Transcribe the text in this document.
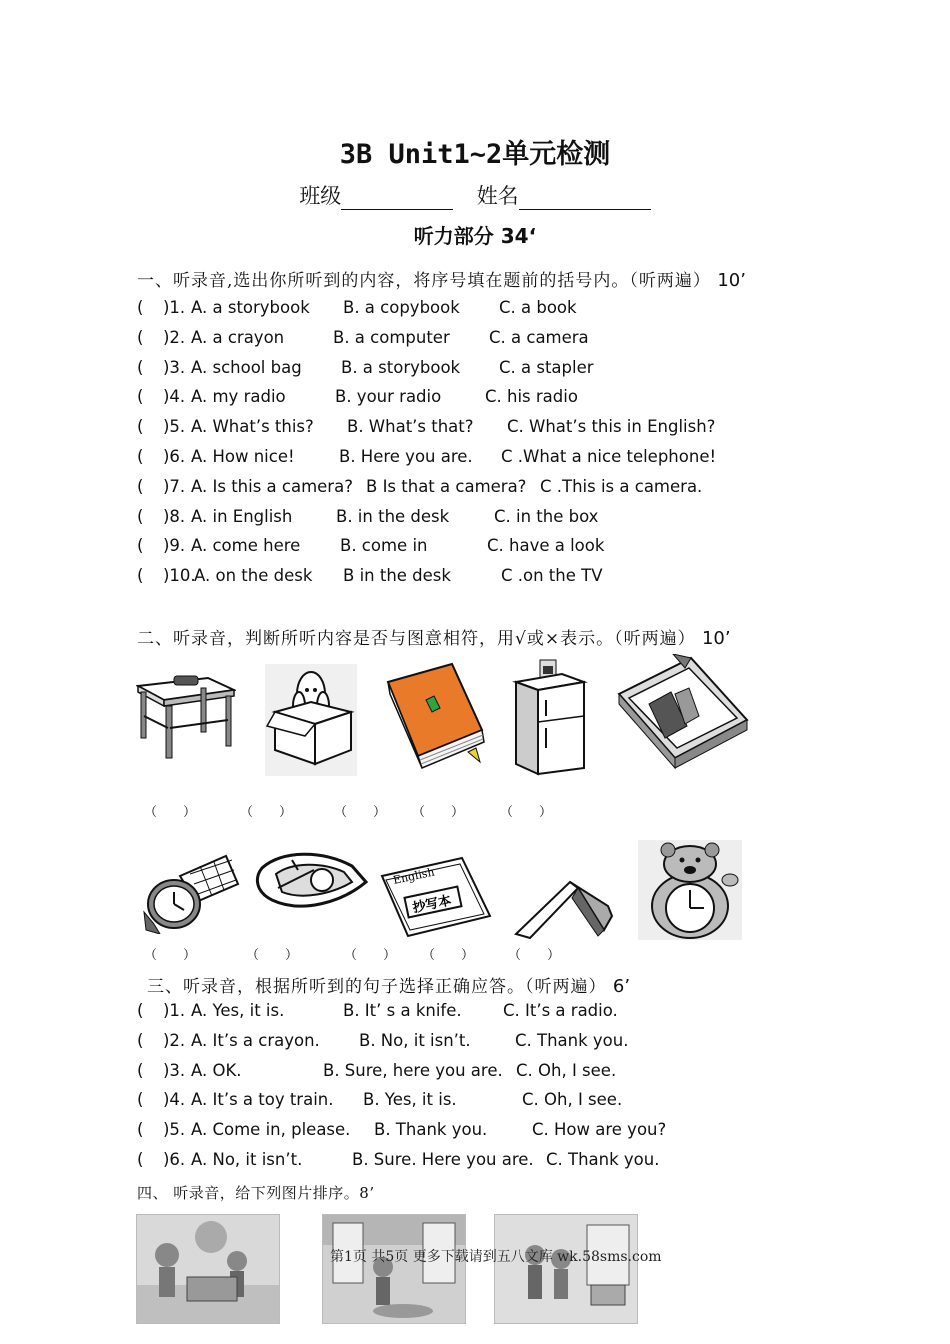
3B Unit1~2单元检测
班级	姓名
听力部分 34‘
一、听录音,选出你所听到的内容，将序号填在题前的括号内。（听两遍） 10’
( )1. A. a storybook B. a copybook C. a book
( )2. A. a crayon	B. a computer C. a camera
( )3. A. school bag B. a storybook C. a stapler
( )4. A. my radio	B. your radio	C. his radio
( )5. A. What’s this? B. What’s that? C. What’s this in English?
( )6. A. How nice!	B. Here you are. C .What a nice telephone!
( )7. A. Is this a camera? B Is that a camera? C .This is a camera.
( )8. A. in English	B. in the desk	C. in the box
( )9. A. come here B. come in	C. have a look
( )10.
A. on the desk B in the desk	C .on the TV
二、听录音，判断所听内容是否与图意相符，用√或×表示。（听两遍） 10’
（　　）	（　　）	（　　） （　　）	（　　）
English
抄写本
（　　）	（　　）	（　　） （　　）	（　　）
三、听录音，根据所听到的句子选择正确应答。（听两遍） 6’
( )1. A. Yes, it is.	B. It’ s a knife.	C. It’s a radio.
( )2. A. It’s a crayon. B. No, it isn’t.	C. Thank you.
( )3. A. OK.	B. Sure, here you are. C. Oh, I see.
( )4. A. It’s a toy train. B. Yes, it is.	C. Oh, I see.
( )5. A. Come in, please. B. Thank you.	C. How are you?
( )6. A. No, it isn’t.	B. Sure. Here you are. C. Thank you.
四、 听录音，给下列图片排序。8’
第1页 共5页 更多下载请到五八文库 wk.58sms.com
